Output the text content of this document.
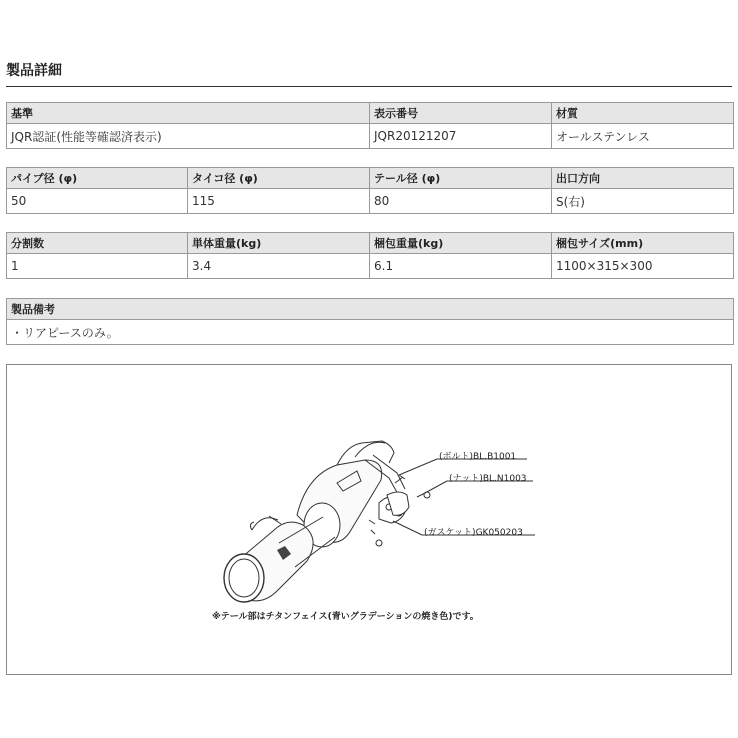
製品詳細
基準	表示番号	材質
JQR認証(性能等確認済表示)	JQR20121207	オールステンレス
パイプ径 (φ)	タイコ径 (φ)	テール径 (φ)	出口方向
50	115	80	S(右)
分割数	単体重量(kg)	梱包重量(kg)	梱包サイズ(mm)
1	3.4	6.1	1100×315×300
製品備考
・リアピースのみ。
(ボルト)BL.B1001
(ナット)BL.N1003
(ガスケット)GK050203
※テール部はチタンフェイス(青いグラデーションの焼き色)です。
